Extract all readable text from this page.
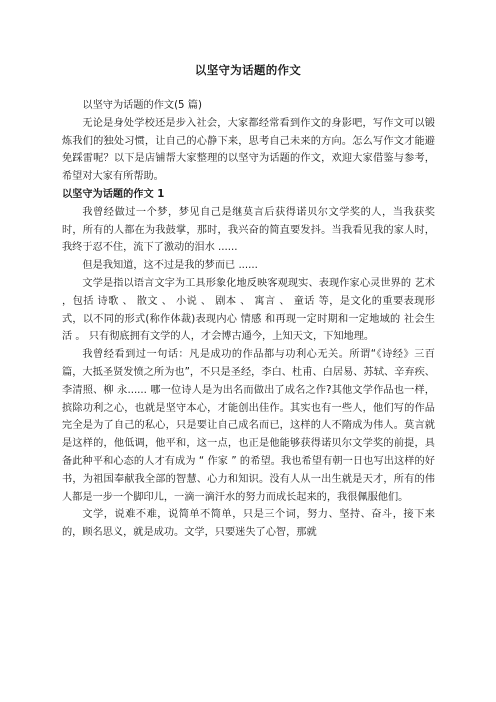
以坚守为话题的作文

以坚守为话题的作文(5 篇)

无论是身处学校还是步入社会，大家都经常看到作文的身影吧，写作文可以锻炼我们的独处习惯，让自己的心静下来，思考自己未来的方向。怎么写作文才能避免踩雷呢？以下是店铺帮大家整理的以坚守为话题的作文，欢迎大家借鉴与参考，希望对大家有所帮助。

以坚守为话题的作文 1

我曾经做过一个梦，梦见自己是继莫言后获得诺贝尔文学奖的人，当我获奖时，所有的人都在为我鼓掌，那时，我兴奋的简直要发抖。当我看见我的家人时，我终于忍不住，流下了激动的泪水 ......

但是我知道，这不过是我的梦而已 ......

文学是指以语言文字为工具形象化地反映客观现实、表现作家心灵世界的 艺术 ，包括 诗歌 、 散文 、 小说 、 剧本 、 寓言 、 童话 等，是文化的重要表现形式，以不同的形式(称作体裁)表现内心 情感 和再现一定时期和一定地域的 社会生活 。 只有彻底拥有文学的人，才会博古通今，上知天文，下知地理。

我曾经看到过一句话：凡是成功的作品都与功利心无关。所谓“《诗经》三百篇，大抵圣贤发愤之所为也”，不只是圣经，李白、杜甫、白居易、苏轼、辛弃疾、李清照、柳 永...... 哪一位诗人是为出名而做出了成名之作?其他文学作品也一样，摈除功利之心，也就是坚守本心，才能创出佳作。其实也有一些人，他们写的作品完全是为了自己的私心，只是要让自己成名而已，这样的人不隋成为伟人。莫言就是这样的，他低调，他平和，这一点，也正是他能够获得诺贝尔文学奖的前提，具备此种平和心态的人才有成为 “ 作家 ” 的希望。我也希望有朝一日也写出这样的好书，为祖国奉献我全部的智慧、心力和知识。没有人从一出生就是天才，所有的伟人都是一步一个脚印儿，一滴一滴汗水的努力而成长起来的，我很佩服他们。

文学，说难不难，说简单不简单，只是三个词，努力、坚持、奋斗，接下来的，顾名思义，就是成功。文学，只要迷失了心智，那就
